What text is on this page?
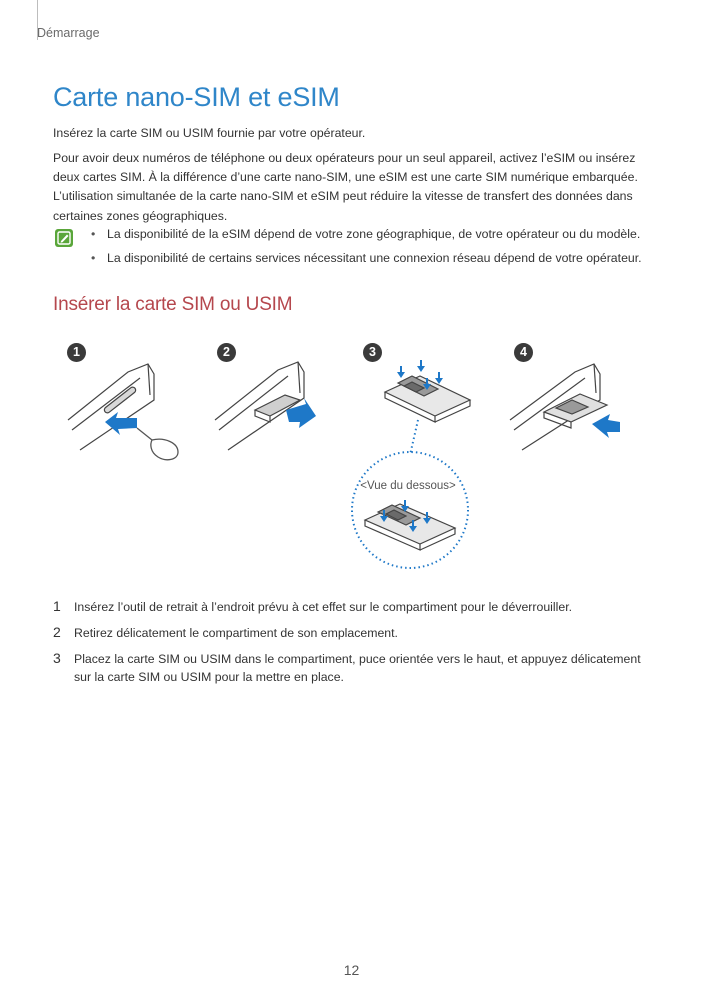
Démarrage
Carte nano-SIM et eSIM

Insérez la carte SIM ou USIM fournie par votre opérateur.

Pour avoir deux numéros de téléphone ou deux opérateurs pour un seul appareil, activez l’eSIM ou insérez deux cartes SIM. À la différence d’une carte nano-SIM, une eSIM est une carte SIM numérique embarquée. L’utilisation simultanée de la carte nano-SIM et eSIM peut réduire la vitesse de transfert des données dans certaines zones géographiques.

• La disponibilité de la eSIM dépend de votre zone géographique, de votre opérateur ou du modèle.
• La disponibilité de certains services nécessitant une connexion réseau dépend de votre opérateur.
Insérer la carte SIM ou USIM
1	2	3	4
<Vue du dessous>
1 Insérez l’outil de retrait à l’endroit prévu à cet effet sur le compartiment pour le déverrouiller.
2 Retirez délicatement le compartiment de son emplacement.
3 Placez la carte SIM ou USIM dans le compartiment, puce orientée vers le haut, et appuyez délicatement sur la carte SIM ou USIM pour la mettre en place.
12
